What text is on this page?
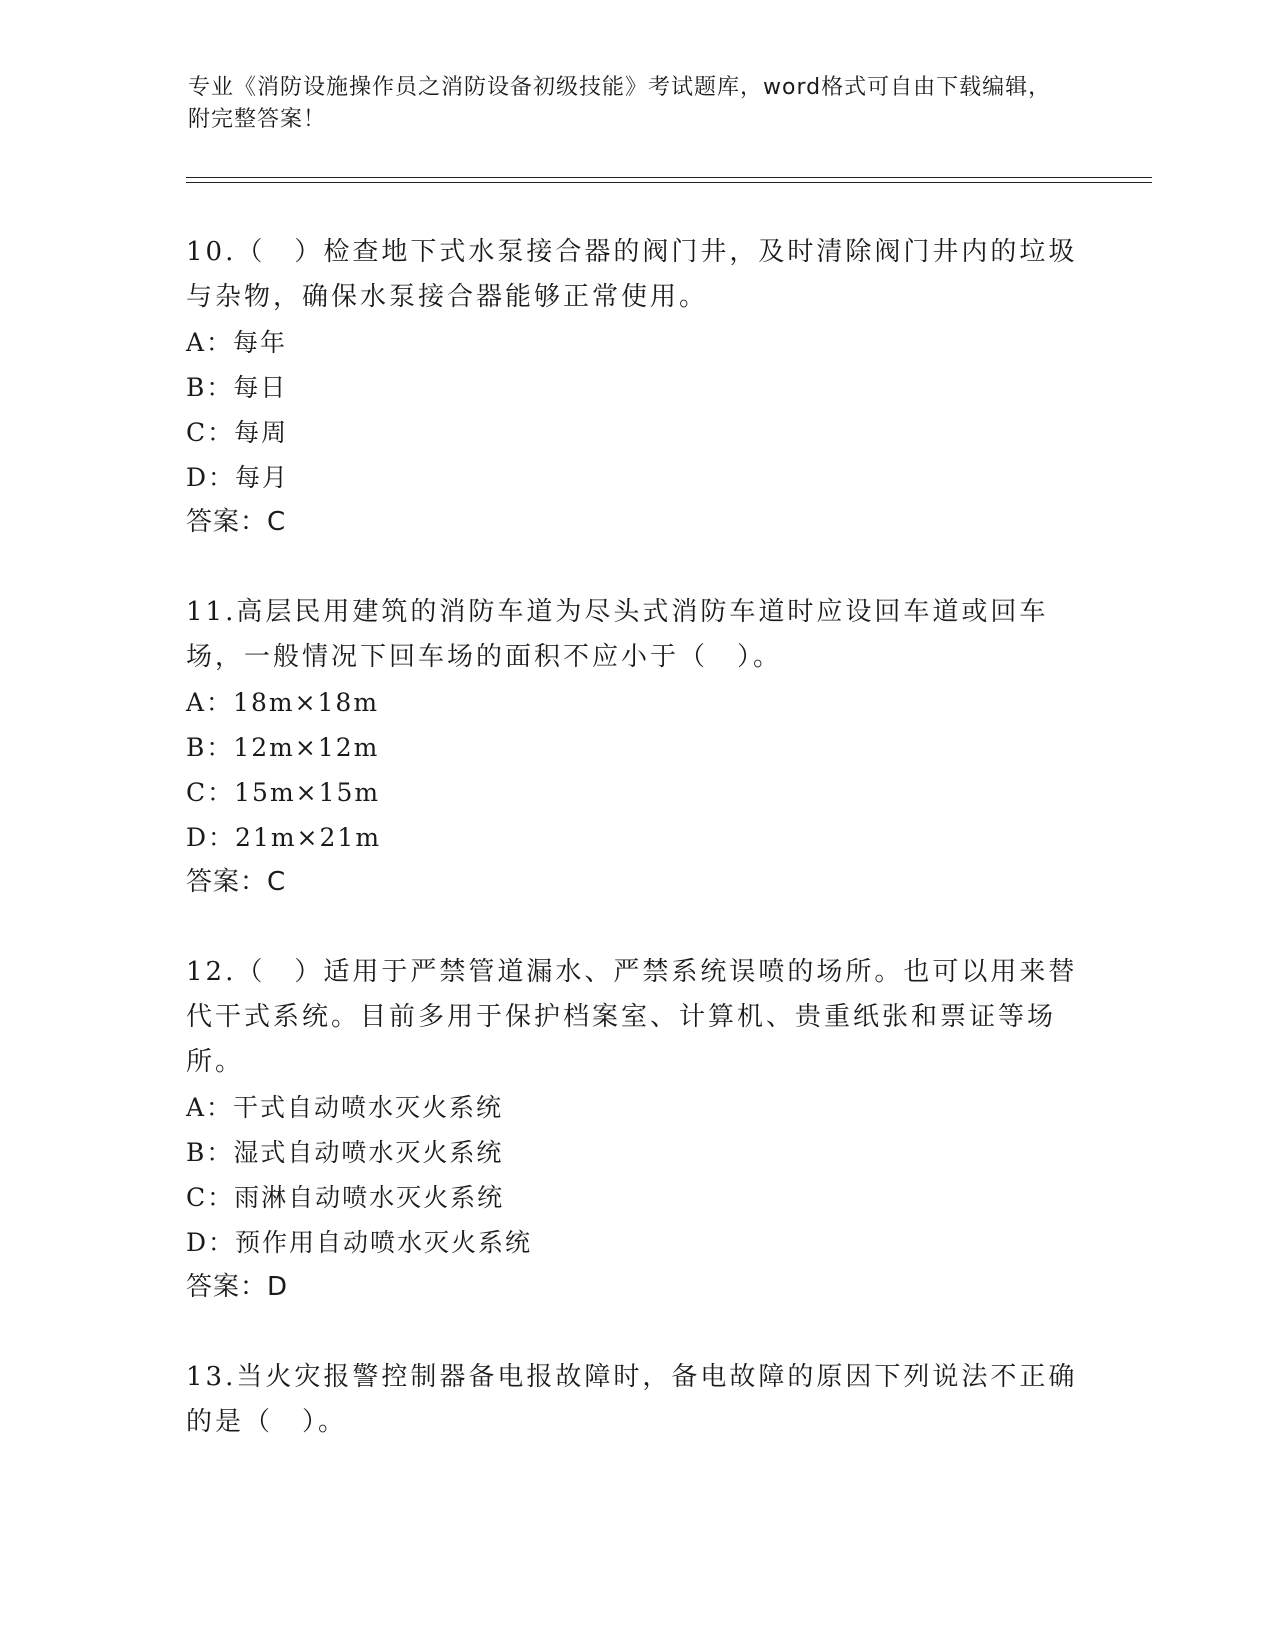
专业《消防设施操作员之消防设备初级技能》考试题库，word格式可自由下载编辑，附完整答案！
10.（　）检查地下式水泵接合器的阀门井，及时清除阀门井内的垃圾与杂物，确保水泵接合器能够正常使用。
A：每年
B：每日
C：每周
D：每月
答案：C
11.高层民用建筑的消防车道为尽头式消防车道时应设回车道或回车场，一般情况下回车场的面积不应小于（　）。
A：18m×18m
B：12m×12m
C：15m×15m
D：21m×21m
答案：C
12.（　）适用于严禁管道漏水、严禁系统误喷的场所。也可以用来替代干式系统。目前多用于保护档案室、计算机、贵重纸张和票证等场所。
A：干式自动喷水灭火系统
B：湿式自动喷水灭火系统
C：雨淋自动喷水灭火系统
D：预作用自动喷水灭火系统
答案：D
13.当火灾报警控制器备电报故障时，备电故障的原因下列说法不正确的是（　）。
